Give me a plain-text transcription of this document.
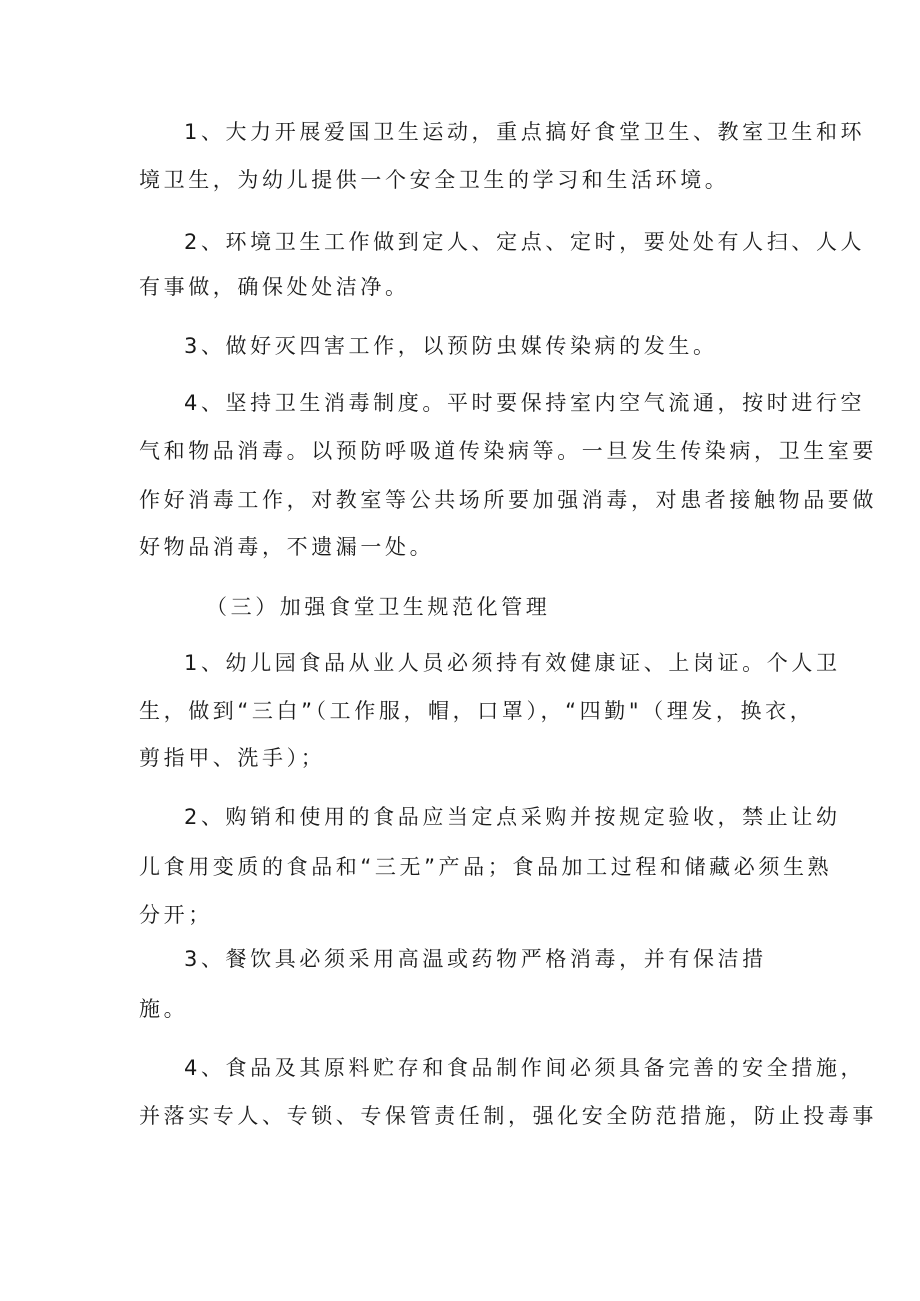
1、大力开展爱国卫生运动，重点搞好食堂卫生、教室卫生和环
境卫生，为幼儿提供一个安全卫生的学习和生活环境。
2、环境卫生工作做到定人、定点、定时，要处处有人扫、人人
有事做，确保处处洁净。
3、做好灭四害工作，以预防虫媒传染病的发生。
4、坚持卫生消毒制度。平时要保持室内空气流通，按时进行空
气和物品消毒。以预防呼吸道传染病等。一旦发生传染病，卫生室要
作好消毒工作，对教室等公共场所要加强消毒，对患者接触物品要做
好物品消毒，不遗漏一处。
（三）加强食堂卫生规范化管理
1、幼儿园食品从业人员必须持有效健康证、上岗证。个人卫
生，做到“三白”（工作服，帽，口罩），“四勤"（理发，换衣，
剪指甲、洗手）；
2、购销和使用的食品应当定点采购并按规定验收，禁止让幼
儿食用变质的食品和“三无”产品；食品加工过程和储藏必须生熟
分开；
3、餐饮具必须采用高温或药物严格消毒，并有保洁措
施。
4、食品及其原料贮存和食品制作间必须具备完善的安全措施，
并落实专人、专锁、专保管责任制，强化安全防范措施，防止投毒事
